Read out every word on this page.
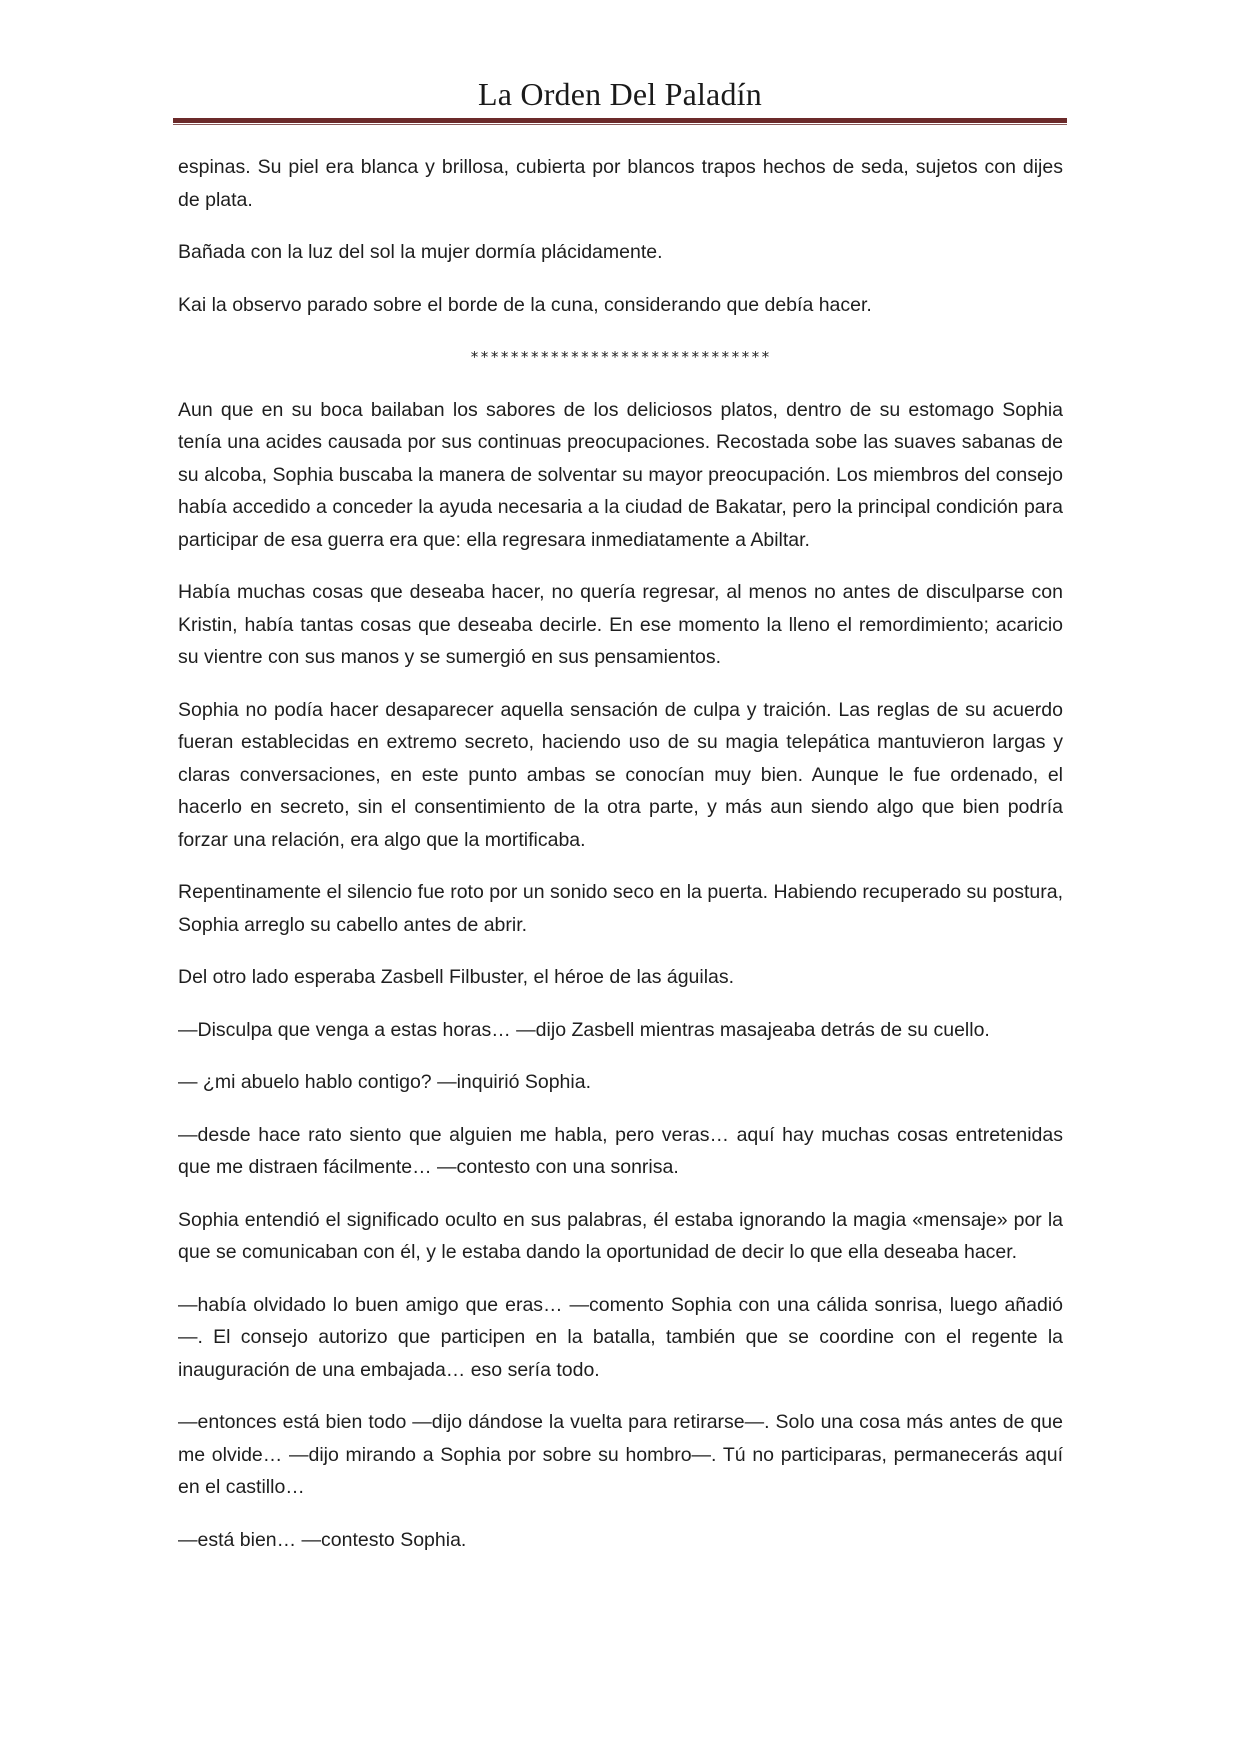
La Orden Del Paladín

espinas. Su piel era blanca y brillosa, cubierta por blancos trapos hechos de seda, sujetos con dijes de plata.

Bañada con la luz del sol la mujer dormía plácidamente.

Kai la observo parado sobre el borde de la cuna, considerando que debía hacer.

******************************

Aun que en su boca bailaban los sabores de los deliciosos platos, dentro de su estomago Sophia tenía una acides causada por sus continuas preocupaciones. Recostada sobe las suaves sabanas de su alcoba, Sophia buscaba la manera de solventar su mayor preocupación. Los miembros del consejo había accedido a conceder la ayuda necesaria a la ciudad de Bakatar, pero la principal condición para participar de esa guerra era que: ella regresara inmediatamente a Abiltar.

Había muchas cosas que deseaba hacer, no quería regresar, al menos no antes de disculparse con Kristin, había tantas cosas que deseaba decirle. En ese momento la lleno el remordimiento; acaricio su vientre con sus manos y se sumergió en sus pensamientos.

Sophia no podía hacer desaparecer aquella sensación de culpa y traición. Las reglas de su acuerdo fueran establecidas en extremo secreto, haciendo uso de su magia telepática mantuvieron largas y claras conversaciones, en este punto ambas se conocían muy bien. Aunque le fue ordenado, el hacerlo en secreto, sin el consentimiento de la otra parte, y más aun siendo algo que bien podría forzar una relación, era algo que la mortificaba.

Repentinamente el silencio fue roto por un sonido seco en la puerta. Habiendo recuperado su postura, Sophia arreglo su cabello antes de abrir.

Del otro lado esperaba Zasbell Filbuster, el héroe de las águilas.

—Disculpa que venga a estas horas… —dijo Zasbell mientras masajeaba detrás de su cuello.

— ¿mi abuelo hablo contigo? —inquirió Sophia.

—desde hace rato siento que alguien me habla, pero veras… aquí hay muchas cosas entretenidas que me distraen fácilmente… —contesto con una sonrisa.

Sophia entendió el significado oculto en sus palabras, él estaba ignorando la magia «mensaje» por la que se comunicaban con él, y le estaba dando la oportunidad de decir lo que ella deseaba hacer.

—había olvidado lo buen amigo que eras… —comento Sophia con una cálida sonrisa, luego añadió—. El consejo autorizo que participen en la batalla, también que se coordine con el regente la inauguración de una embajada… eso sería todo.

—entonces está bien todo —dijo dándose la vuelta para retirarse—. Solo una cosa más antes de que me olvide… —dijo mirando a Sophia por sobre su hombro—. Tú no participaras, permanecerás aquí en el castillo…

—está bien… —contesto Sophia.
